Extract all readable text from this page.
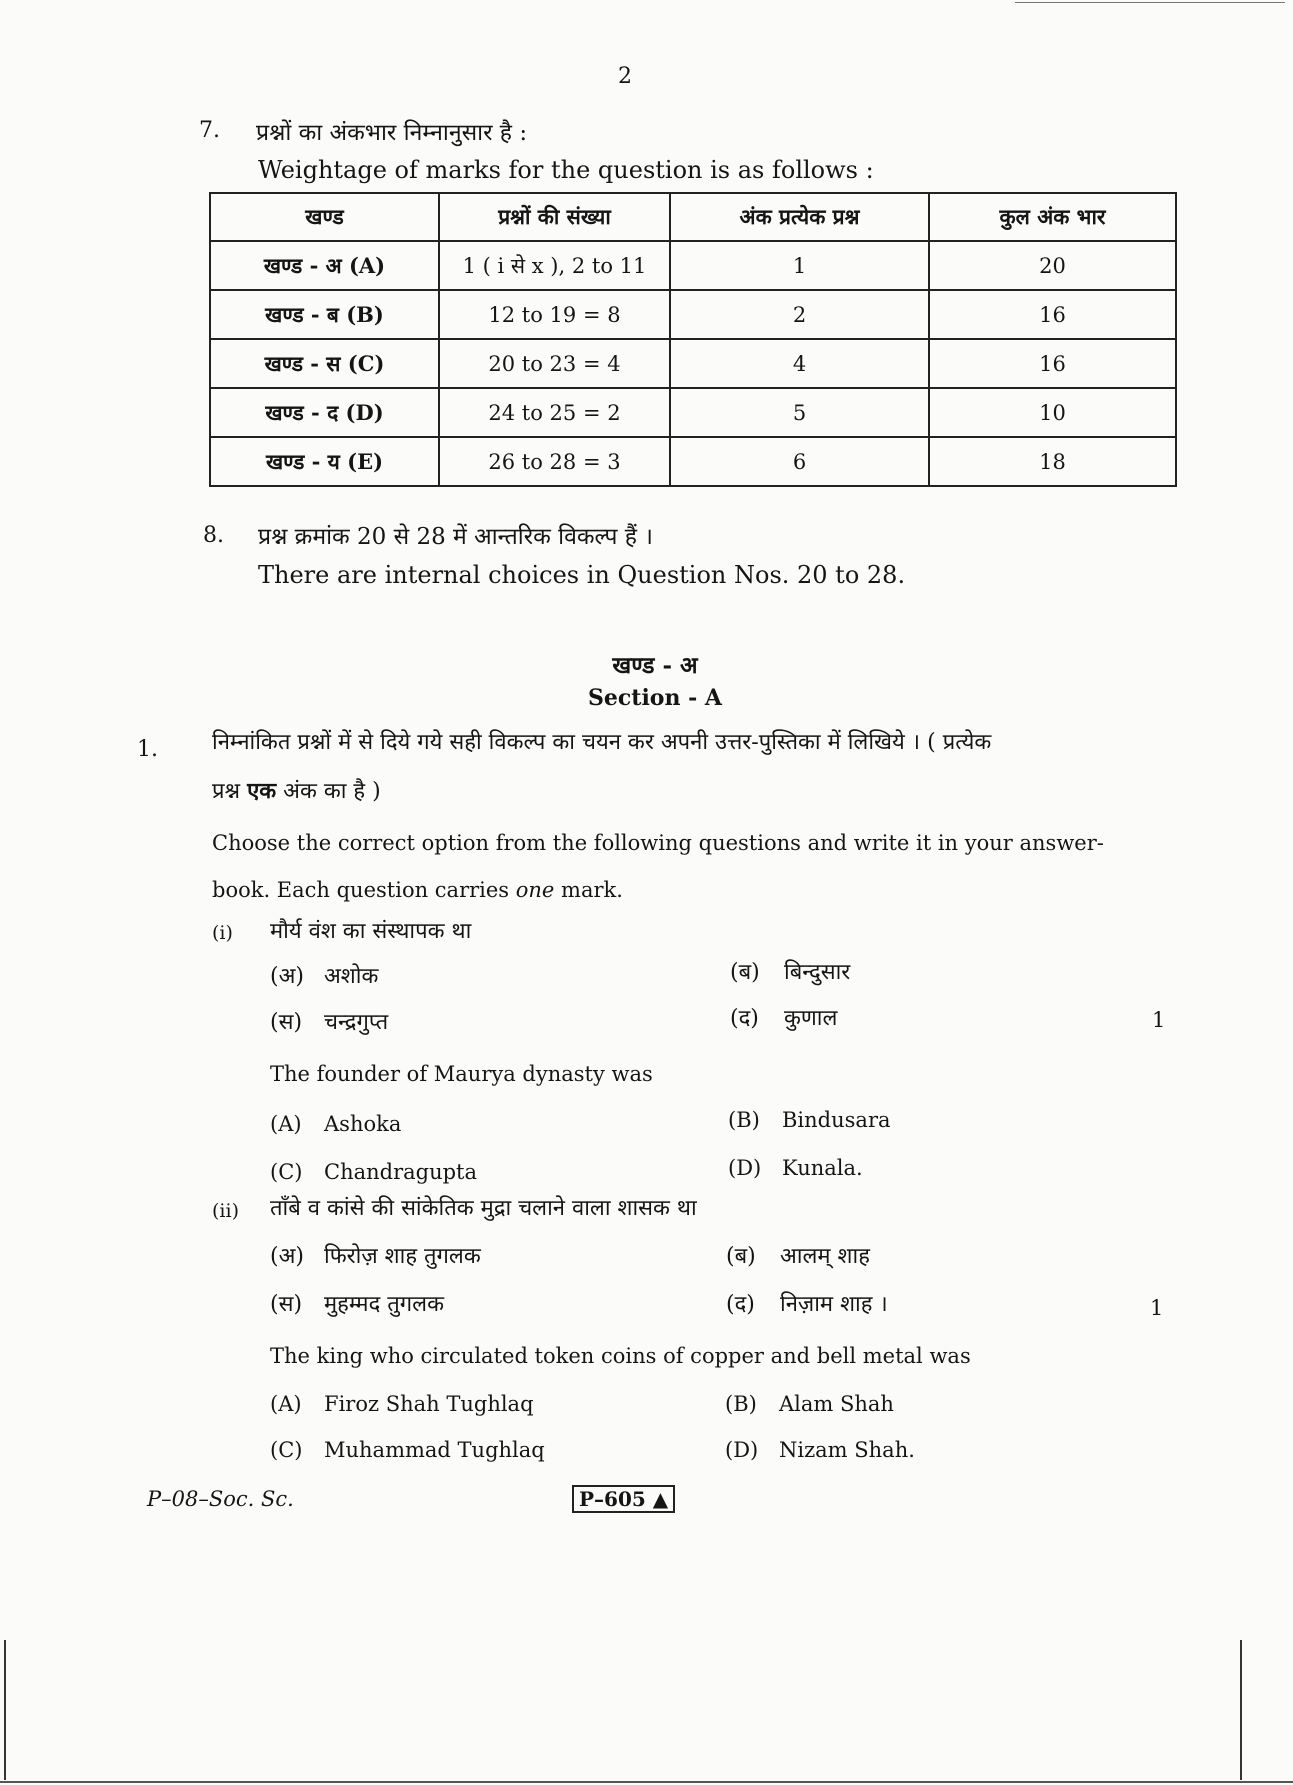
2
7. प्रश्नों का अंकभार निम्नानुसार है :
Weightage of marks for the question is as follows :
खण्ड	प्रश्नों की संख्या	अंक प्रत्येक प्रश्न	कुल अंक भार
खण्ड - अ (A)	1 ( i से x ), 2 to 11	1	20
खण्ड - ब (B)	12 to 19 = 8	2	16
खण्ड - स (C)	20 to 23 = 4	4	16
खण्ड - द (D)	24 to 25 = 2	5	10
खण्ड - य (E)	26 to 28 = 3	6	18
8. प्रश्न क्रमांक 20 से 28 में आन्तरिक विकल्प हैं ।
There are internal choices in Question Nos. 20 to 28.
खण्ड - अ
Section - A
1. निम्नांकित प्रश्नों में से दिये गये सही विकल्प का चयन कर अपनी उत्तर-पुस्तिका में लिखिये । ( प्रत्येक
प्रश्न एक अंक का है )
Choose the correct option from the following questions and write it in your answer-
book. Each question carries one mark.
(i) मौर्य वंश का संस्थापक था
(अ) अशोक	(ब) बिन्दुसार
(स) चन्द्रगुप्त	(द) कुणाल	1
The founder of Maurya dynasty was
(A) Ashoka	(B) Bindusara
(C) Chandragupta	(D) Kunala.
(ii) ताँबे व कांसे की सांकेतिक मुद्रा चलाने वाला शासक था
(अ) फिरोज़ शाह तुगलक	(ब) आलम् शाह
(स) मुहम्मद तुगलक	(द) निज़ाम शाह ।	1
The king who circulated token coins of copper and bell metal was
(A) Firoz Shah Tughlaq	(B) Alam Shah
(C) Muhammad Tughlaq	(D) Nizam Shah.
P–08–Soc. Sc.	P–605 ▲
